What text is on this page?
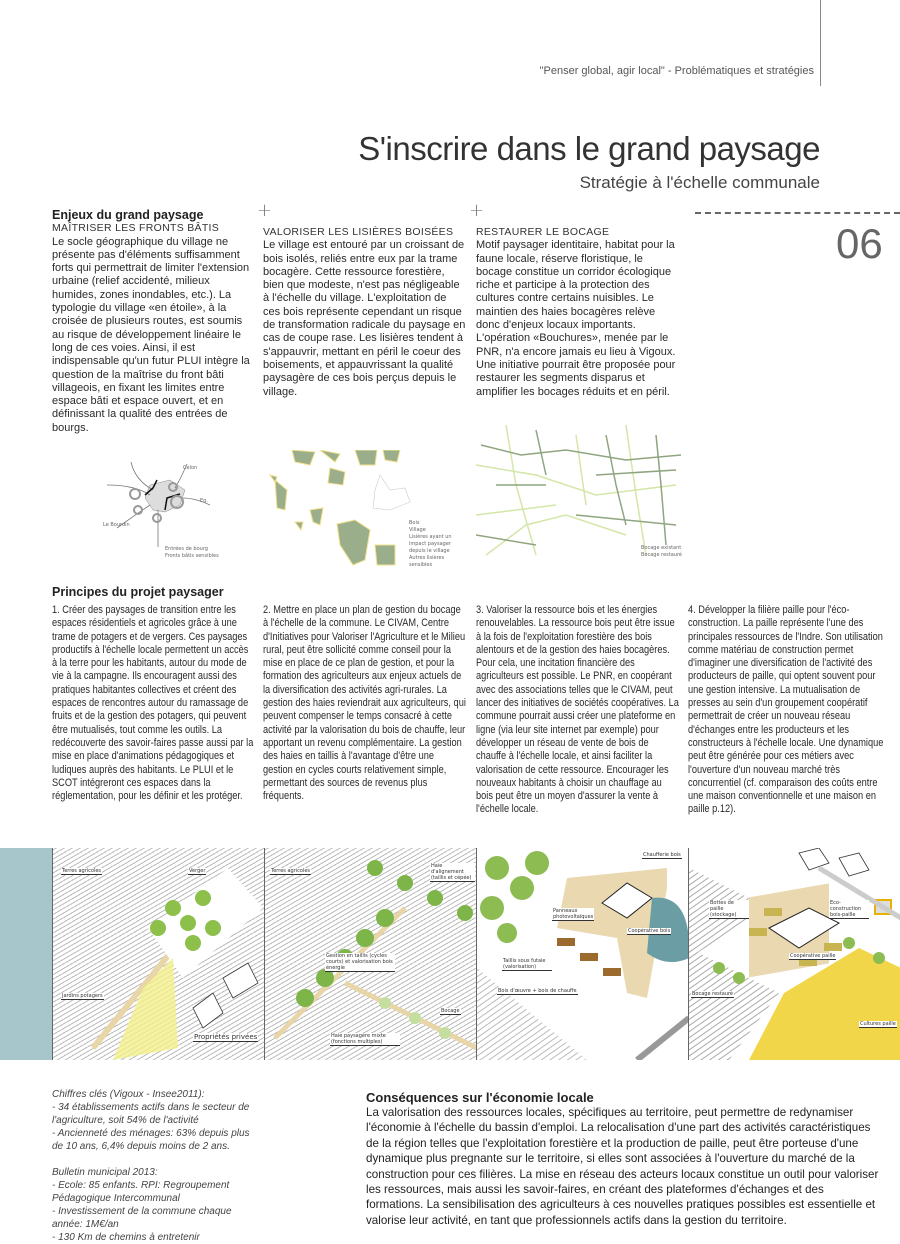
"Penser global, agir local" - Problématiques et stratégies
S'inscrire dans le grand paysage
Stratégie à l'échelle communale
06
+	+
Enjeux du grand paysage
MAÎTRISER LES FRONTS BÂTIS

Le socle géographique du village ne présente pas d'éléments suffisamment forts qui permettrait de limiter l'extension urbaine (relief accidenté, milieux humides, zones inondables, etc.). La typologie du village «en étoile», à la croisée de plusieurs routes, est soumis au risque de développement linéaire le long de ces voies. Ainsi, il est indispensable qu'un futur PLUI intègre la question de la maîtrise du front bâti villageois, en fixant les limites entre espace bâti et espace ouvert, et en définissant la qualité des entrées de bourgs.

VALORISER LES LISIÈRES BOISÉES

Le village est entouré par un croissant de bois isolés, reliés entre eux par la trame bocagère. Cette ressource forestière, bien que modeste, n'est pas négligeable à l'échelle du village. L'exploitation de ces bois représente cependant un risque de transformation radicale du paysage en cas de coupe rase. Les lisières tendent à s'appauvrir, mettant en péril le coeur des boisements, et appauvrissant la qualité paysagère de ces bois perçus depuis le village.

RESTAURER LE BOCAGE

Motif paysager identitaire, habitat pour la faune locale, réserve floristique, le bocage constitue un corridor écologique riche et participe à la protection des cultures contre certains nuisibles. Le maintien des haies bocagères relève donc d'enjeux locaux importants. L'opération «Bouchures», menée par le PNR, n'a encore jamais eu lieu à Vigoux. Une initiative pourrait être proposée pour restaurer les segments disparus et amplifier les bocages réduits et en péril.

Entrées de bourg
Fronts bâtis sensibles
Celon
Eg.
Le Bourdin	Bois
Village
Lisières ayant un impact paysager depuis le village
Autres lisières sensibles
Bocage existant
Bocage restauré
Principes du projet paysager

1. Créer des paysages de transition entre les espaces résidentiels et agricoles grâce à une trame de potagers et de vergers. Ces paysages productifs à l'échelle locale permettent un accès à la terre pour les habitants, autour du mode de vie à la campagne. Ils encouragent aussi des pratiques habitantes collectives et créent des espaces de rencontres autour du ramassage de fruits et de la gestion des potagers, qui peuvent être mutualisés, tout comme les outils. La redécouverte des savoir-faires passe aussi par la mise en place d'animations pédagogiques et ludiques auprès des habitants. Le PLUI et le SCOT intégreront ces espaces dans la réglementation, pour les définir et les protéger.

2. Mettre en place un plan de gestion du bocage à l'échelle de la commune. Le CIVAM, Centre d'Initiatives pour Valoriser l'Agriculture et le Milieu rural, peut être sollicité comme conseil pour la mise en place de ce plan de gestion, et pour la formation des agriculteurs aux enjeux actuels de la diversification des activités agri-rurales. La gestion des haies reviendrait aux agriculteurs, qui peuvent compenser le temps consacré à cette activité par la valorisation du bois de chauffe, leur apportant un revenu complémentaire. La gestion des haies en taillis à l'avantage d'être une gestion en cycles courts relativement simple, permettant des sources de revenus plus fréquents.

3. Valoriser la ressource bois et les énergies renouvelables. La ressource bois peut être issue à la fois de l'exploitation forestière des bois alentours et de la gestion des haies bocagères. Pour cela, une incitation financière des agriculteurs est possible. Le PNR, en coopérant avec des associations telles que le CIVAM, peut lancer des initiatives de sociétés coopératives. La commune pourrait aussi créer une plateforme en ligne (via leur site internet par exemple) pour développer un réseau de vente de bois de chauffe à l'échelle locale, et ainsi faciliter la valorisation de cette ressource. Encourager les nouveaux habitants à choisir un chauffage au bois peut être un moyen d'assurer la vente à l'échelle locale.

4. Développer la filière paille pour l'éco-construction. La paille représente l'une des principales ressources de l'Indre. Son utilisation comme matériau de construction permet d'imaginer une diversification de l'activité des producteurs de paille, qui optent souvent pour une gestion intensive. La mutualisation de presses au sein d'un groupement coopératif permettrait de créer un nouveau réseau d'échanges entre les producteurs et les constructeurs à l'échelle locale. Une dynamique peut être générée pour ces métiers avec l'ouverture d'un nouveau marché très concurrentiel (cf. comparaison des coûts entre une maison conventionnelle et une maison en paille p.12).

Terres agricoles	Verger
Jardins potagers
Propriétés privées
Terres agricoles
Haie d'alignement (taillis et cépée)
Gestion en taillis (cycles courts) et valorisation bois énergie
Bocage
Haie paysagère mixte (fonctions multiples)
Chaufferie bois
Panneaux photovoltaïques
Coopérative bois
Taillis sous futaie (valorisation)
Bois d'œuvre + bois de chauffe
Eco-construction bois-paille
Bottes de paille (stockage)
Coopérative paille
Bocage restauré
Cultures paille
Chiffres clés (Vigoux - Insee2011):
- 34 établissements actifs dans le secteur de l'agriculture, soit 54% de l'activité
- Ancienneté des ménages: 63% depuis plus de 10 ans, 6,4% depuis moins de 2 ans.
Bulletin municipal 2013:
- Ecole: 85 enfants. RPI: Regroupement Pédagogique Intercommunal
- Investissement de la commune chaque année: 1M€/an
- 130 Km de chemins à entretenir
Conséquences sur l'économie locale

La valorisation des ressources locales, spécifiques au territoire, peut permettre de redynamiser l'économie à l'échelle du bassin d'emploi. La relocalisation d'une part des activités caractéristiques de la région telles que l'exploitation forestière et la production de paille, peut être porteuse d'une dynamique plus pregnante sur le territoire, si elles sont associées à l'ouverture du marché de la construction pour ces filières. La mise en réseau des acteurs locaux constitue un outil pour valoriser les ressources, mais aussi les savoir-faires, en créant des plateformes d'échanges et des formations. La sensibilisation des agriculteurs à ces nouvelles pratiques possibles est essentielle et valorise leur activité, en tant que professionnels actifs dans la gestion du territoire.
